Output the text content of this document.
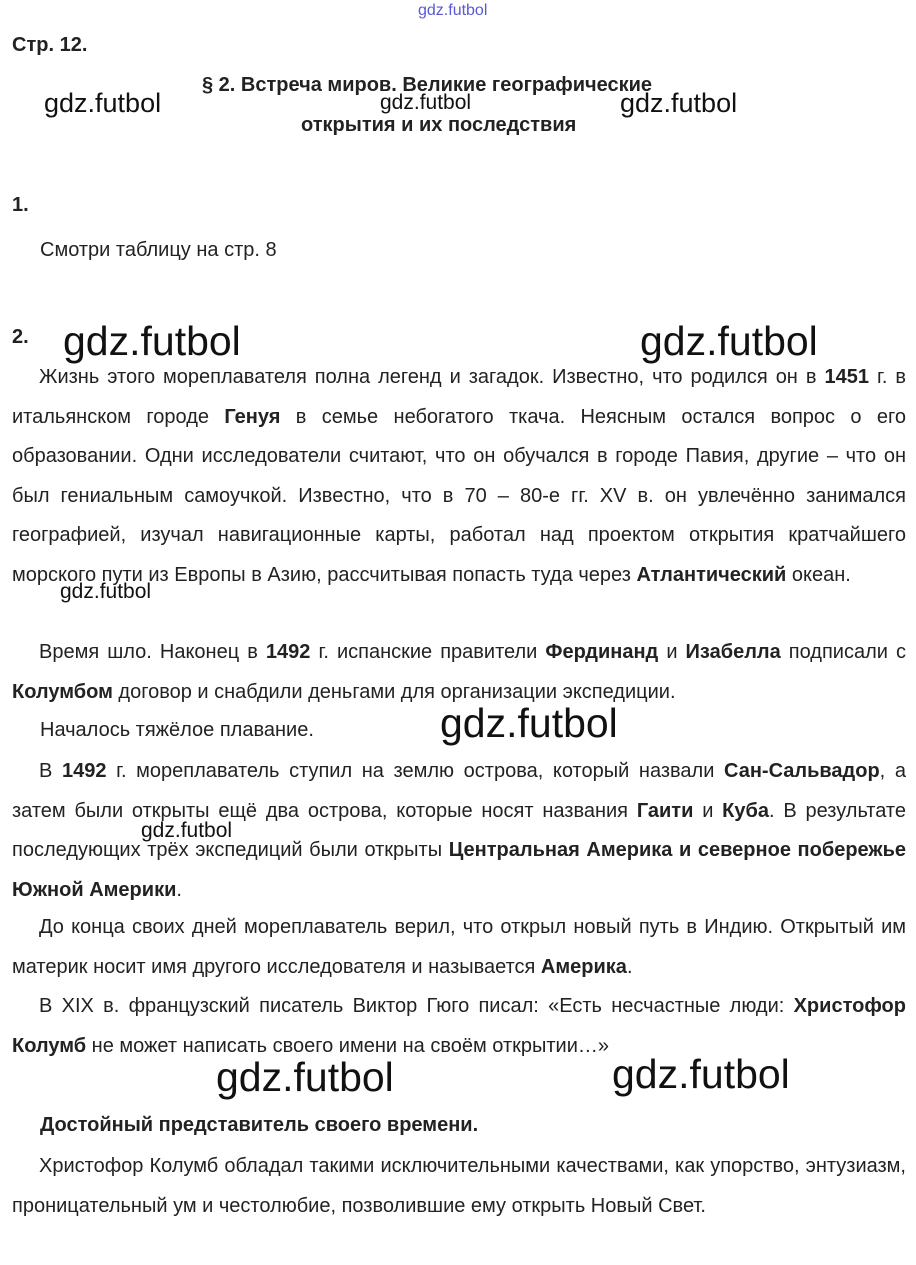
gdz.futbol
gdz.futbol	gdz.futbol	gdz.futbol
gdz.futbol	gdz.futbol
gdz.futbol
gdz.futbol
gdz.futbol
gdz.futbol	gdz.futbol
Стр. 12.
§ 2. Встреча миров. Великие географические
открытия и их последствия
1.
Смотри таблицу на стр. 8
2.
Жизнь этого мореплавателя полна легенд и загадок. Известно, что родился он в 1451 г. в итальянском городе Генуя в семье небогатого ткача. Неясным остался вопрос о его образовании. Одни исследователи считают, что он обучался в городе Павия, другие – что он был гениальным самоучкой. Известно, что в 70 – 80-е гг. XV в. он увлечённо занимался географией, изучал навигационные карты, работал над проектом открытия кратчайшего морского пути из Европы в Азию, рассчитывая попасть туда через Атлантический океан.
Время шло. Наконец в 1492 г. испанские правители Фердинанд и Изабелла подписали с Колумбом договор и снабдили деньгами для организации экспедиции.
Началось тяжёлое плавание.
В 1492 г. мореплаватель ступил на землю острова, который назвали Сан-Сальвадор, а затем были открыты ещё два острова, которые носят названия Гаити и Куба. В результате последующих трёх экспедиций были открыты Центральная Америка и северное побережье Южной Америки.
До конца своих дней мореплаватель верил, что открыл новый путь в Индию. Открытый им материк носит имя другого исследователя и называется Америка.
В XIX в. французский писатель Виктор Гюго писал: «Есть несчастные люди: Христофор Колумб не может написать своего имени на своём открытии…»
Достойный представитель своего времени.
Христофор Колумб обладал такими исключительными качествами, как упорство, энтузиазм, проницательный ум и честолюбие, позволившие ему открыть Новый Свет.
